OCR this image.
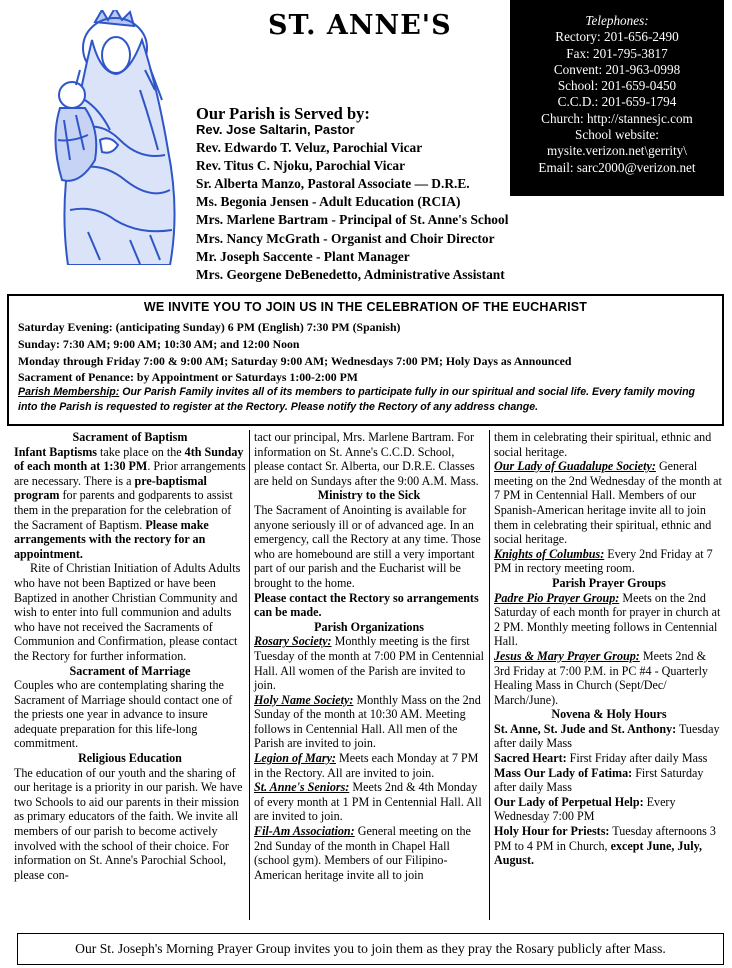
ST. ANNE'S	Telephones:
Rectory: 201-656-2490
Fax: 201-795-3817
Convent: 201-963-0998
School: 201-659-0450
C.C.D.: 201-659-1794
Church: http://stannesjc.com
School website:
mysite.verizon.net\gerrity\
Email: sarc2000@verizon.net
Our Parish is Served by:
Rev. Jose Saltarin, Pastor
Rev. Edwardo T. Veluz, Parochial Vicar
Rev. Titus C. Njoku, Parochial Vicar
Sr. Alberta Manzo, Pastoral Associate — D.R.E.
Ms. Begonia Jensen - Adult Education (RCIA)
Mrs. Marlene Bartram - Principal of St. Anne's School
Mrs. Nancy McGrath - Organist and Choir Director
Mr. Joseph Saccente - Plant Manager
Mrs. Georgene DeBenedetto, Administrative Assistant
WE INVITE YOU TO JOIN US IN THE CELEBRATION OF THE EUCHARIST
Saturday Evening: (anticipating Sunday) 6 PM (English) 7:30 PM (Spanish)
Sunday: 7:30 AM; 9:00 AM; 10:30 AM; and 12:00 Noon
Monday through Friday 7:00 & 9:00 AM; Saturday 9:00 AM; Wednesdays 7:00 PM; Holy Days as Announced
Sacrament of Penance: by Appointment or Saturdays 1:00-2:00 PM
Parish Membership: Our Parish Family invites all of its members to participate fully in our spiritual and social life. Every family moving into the Parish is requested to register at the Rectory. Please notify the Rectory of any address change.
Sacrament of Baptism

Infant Baptisms take place on the 4th Sunday of each month at 1:30 PM. Prior arrangements are necessary. There is a pre-baptismal program for parents and godparents to assist them in the preparation for the celebration of the Sacrament of Baptism. Please make arrangements with the rectory for an appointment.

Rite of Christian Initiation of Adults Adults who have not been Baptized or have been Baptized in another Christian Community and wish to enter into full communion and adults who have not received the Sacraments of Communion and Confirmation, please contact the Rectory for further information.

Sacrament of Marriage

Couples who are contemplating sharing the Sacrament of Marriage should contact one of the priests one year in advance to insure adequate preparation for this life-long commitment.

Religious Education

The education of our youth and the sharing of our heritage is a priority in our parish. We have two Schools to aid our parents in their mission as primary educators of the faith. We invite all members of our parish to become actively involved with the school of their choice. For information on St. Anne's Parochial School, please con-

tact our principal, Mrs. Marlene Bartram. For information on St. Anne's C.C.D. School, please contact Sr. Alberta, our D.R.E. Classes are held on Sundays after the 9:00 A.M. Mass.

Ministry to the Sick

The Sacrament of Anointing is available for anyone seriously ill or of advanced age. In an emergency, call the Rectory at any time. Those who are homebound are still a very important part of our parish and the Eucharist will be brought to the home.

Please contact the Rectory so arrangements can be made.

Parish Organizations

Rosary Society: Monthly meeting is the first Tuesday of the month at 7:00 PM in Centennial Hall. All women of the Parish are invited to join.

Holy Name Society: Monthly Mass on the 2nd Sunday of the month at 10:30 AM. Meeting follows in Centennial Hall. All men of the Parish are invited to join.

Legion of Mary: Meets each Monday at 7 PM in the Rectory. All are invited to join.

St. Anne's Seniors: Meets 2nd & 4th Monday of every month at 1 PM in Centennial Hall. All are invited to join.

Fil-Am Association: General meeting on the 2nd Sunday of the month in Chapel Hall (school gym). Members of our Filipino-American heritage invite all to join

them in celebrating their spiritual, ethnic and social heritage.

Our Lady of Guadalupe Society: General meeting on the 2nd Wednesday of the month at 7 PM in Centennial Hall. Members of our Spanish-American heritage invite all to join them in celebrating their spiritual, ethnic and social heritage.

Knights of Columbus: Every 2nd Friday at 7 PM in rectory meeting room.

Parish Prayer Groups

Padre Pio Prayer Group: Meets on the 2nd Saturday of each month for prayer in church at 2 PM. Monthly meeting follows in Centennial Hall.

Jesus & Mary Prayer Group: Meets 2nd & 3rd Friday at 7:00 P.M. in PC #4 - Quarterly Healing Mass in Church (Sept/Dec/ March/June).

Novena & Holy Hours

St. Anne, St. Jude and St. Anthony: Tuesday after daily Mass

Sacred Heart: First Friday after daily Mass

Mass Our Lady of Fatima: First Saturday after daily Mass

Our Lady of Perpetual Help: Every Wednesday 7:00 PM

Holy Hour for Priests: Tuesday afternoons 3 PM to 4 PM in Church, except June, July, August.

Our St. Joseph's Morning Prayer Group invites you to join them as they pray the Rosary publicly after Mass.
